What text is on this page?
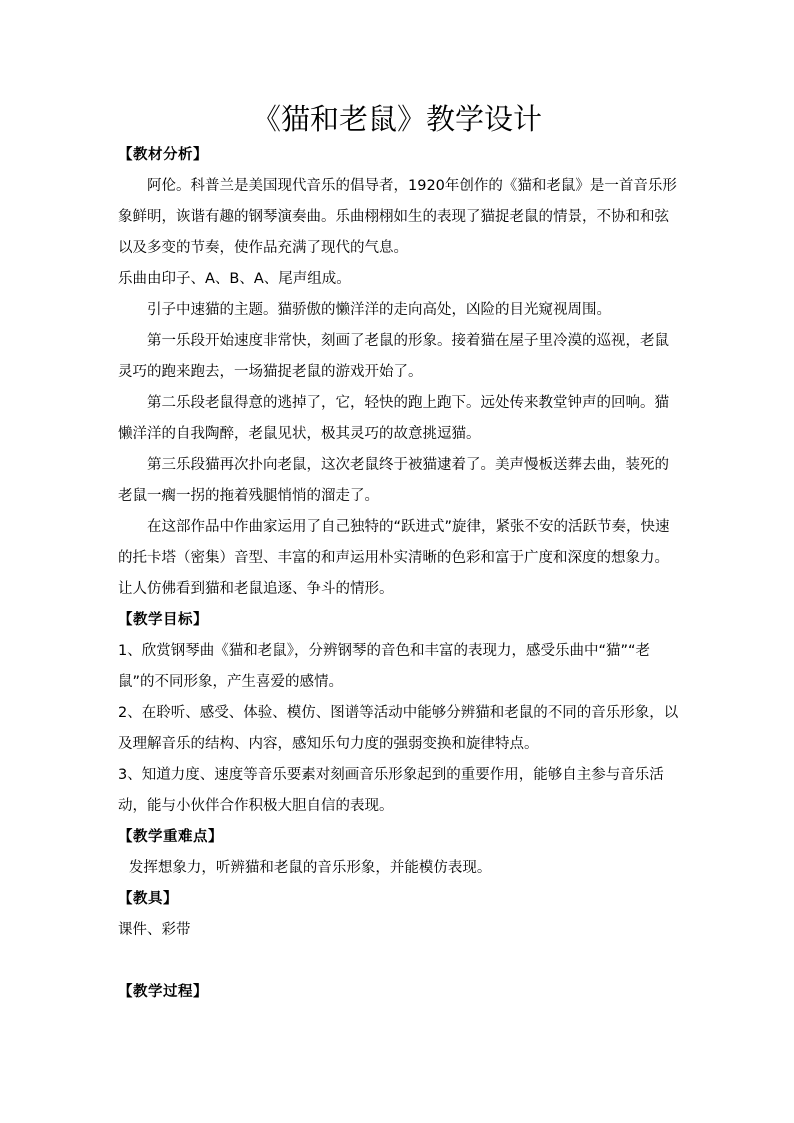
《猫和老鼠》教学设计

【教材分析】

阿伦。科普兰是美国现代音乐的倡导者，1920年创作的《猫和老鼠》是一首音乐形象鲜明，诙谐有趣的钢琴演奏曲。乐曲栩栩如生的表现了猫捉老鼠的情景，不协和和弦以及多变的节奏，使作品充满了现代的气息。

乐曲由印子、A、B、A、尾声组成。

引子中速猫的主题。猫骄傲的懒洋洋的走向高处，凶险的目光窥视周围。

第一乐段开始速度非常快，刻画了老鼠的形象。接着猫在屋子里冷漠的巡视，老鼠灵巧的跑来跑去，一场猫捉老鼠的游戏开始了。

第二乐段老鼠得意的逃掉了，它，轻快的跑上跑下。远处传来教堂钟声的回响。猫懒洋洋的自我陶醉，老鼠见状，极其灵巧的故意挑逗猫。

第三乐段猫再次扑向老鼠，这次老鼠终于被猫逮着了。美声慢板送葬去曲，装死的老鼠一瘸一拐的拖着残腿悄悄的溜走了。

在这部作品中作曲家运用了自己独特的“跃进式”旋律，紧张不安的活跃节奏，快速的托卡塔（密集）音型、丰富的和声运用朴实清晰的色彩和富于广度和深度的想象力。让人仿佛看到猫和老鼠追逐、争斗的情形。

【教学目标】

1、欣赏钢琴曲《猫和老鼠》，分辨钢琴的音色和丰富的表现力，感受乐曲中“猫”“老鼠”的不同形象，产生喜爱的感情。

2、在聆听、感受、体验、模仿、图谱等活动中能够分辨猫和老鼠的不同的音乐形象，以及理解音乐的结构、内容，感知乐句力度的强弱变换和旋律特点。

3、知道力度、速度等音乐要素对刻画音乐形象起到的重要作用，能够自主参与音乐活动，能与小伙伴合作积极大胆自信的表现。

【教学重难点】

发挥想象力，听辨猫和老鼠的音乐形象，并能模仿表现。

【教具】

课件、彩带

【教学过程】
